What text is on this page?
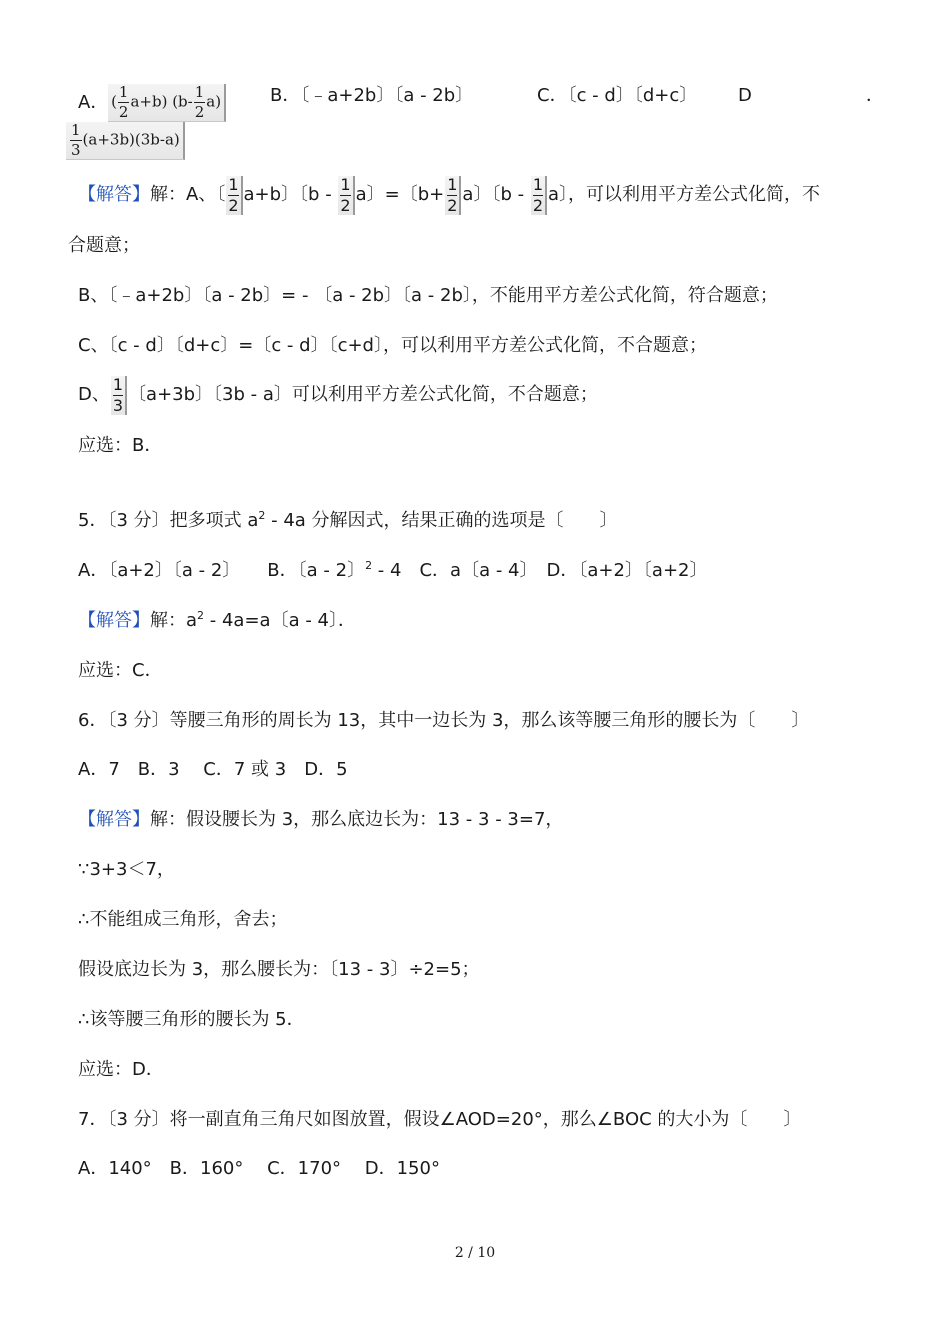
A． ( $\frac{1}{2} a+b$) $(b- \frac{1}{2} a)$	B．〔﹣a+2b〕〔a - 2b〕	C．〔c - d〕〔d+c〕 D	．
$\frac{1}{3} (a+3b)(3b-a)$
【解答】解：A、〔 $\frac{1}{2} a+b$〕〔b - $\frac{1}{2}$ a〕=〔$b+ \frac{1}{2}$ a〕〔b - $\frac{1}{2}$ a〕，可以利用平方差公式化简，不
合题意；
B、〔﹣a+2b〕〔a - 2b〕= - 〔a - 2b〕〔a - 2b〕，不能用平方差公式化简，符合题意；
C、〔c - d〕〔d+c〕=〔c - d〕〔c+d〕，可以利用平方差公式化简，不合题意；
D、 $\frac{1}{3}$ 〔a+3b〕〔3b - a〕可以利用平方差公式化简，不合题意；
应选：B．
5．〔3 分〕把多项式 $a^2 - 4a$ 分解因式，结果正确的选项是〔　　〕
A．〔a+2〕〔a - 2〕　　B．〔a - 2〕$^2$ - 4　C．a〔a - 4〕　D．〔a+2〕〔a+2〕
【解答】解：$a^2 - 4a=a$〔a - 4〕．
应选：C．
6．〔3 分〕等腰三角形的周长为 13，其中一边长为 3，那么该等腰三角形的腰长为〔　　〕
A．7　B．3　 C．7 或 3　D．5
【解答】解：假设腰长为 3，那么底边长为：13 - 3 - 3=7，
∵3+3＜7，
∴不能组成三角形，舍去；
假设底边长为 3，那么腰长为：〔13 - 3〕÷2=5；
∴该等腰三角形的腰长为 5．
应选：D．
7．〔3 分〕将一副直角三角尺如图放置，假设∠AOD=20°，那么∠BOC 的大小为〔　　〕
A．140°　B．160°　 C．170°　 D．150°
2 / 10
